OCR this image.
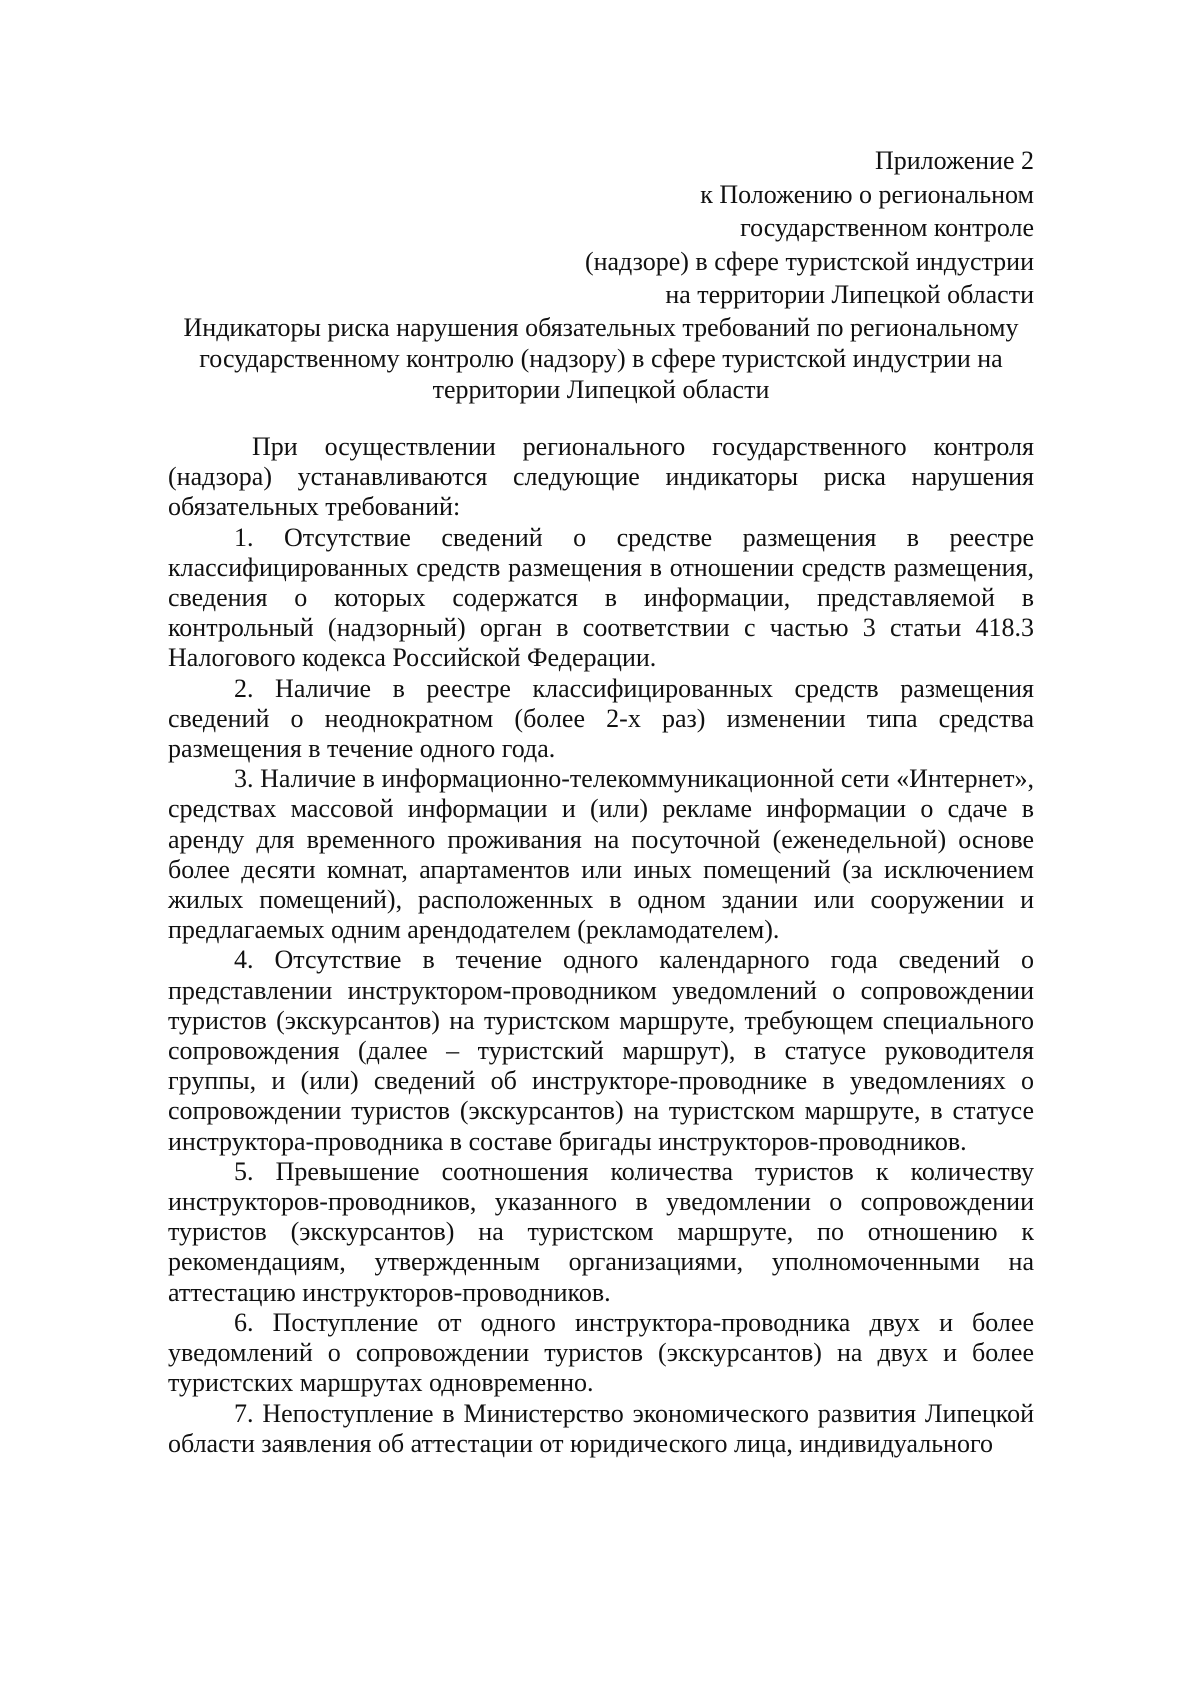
Приложение 2
к Положению о региональном
государственном контроле
(надзоре) в сфере туристской индустрии
на территории Липецкой области
Индикаторы риска нарушения обязательных требований по региональному
государственному контролю (надзору) в сфере туристской индустрии на
территории Липецкой области

При осуществлении регионального государственного контроля (надзора) устанавливаются следующие индикаторы риска нарушения обязательных требований:

1. Отсутствие сведений о средстве размещения в реестре классифицированных средств размещения в отношении средств размещения, сведения о которых содержатся в информации, представляемой в контрольный (надзорный) орган в соответствии с частью 3 статьи 418.3 Налогового кодекса Российской Федерации.

2. Наличие в реестре классифицированных средств размещения сведений о неоднократном (более 2-х раз) изменении типа средства размещения в течение одного года.

3. Наличие в информационно-телекоммуникационной сети «Интернет», средствах массовой информации и (или) рекламе информации о сдаче в аренду для временного проживания на посуточной (еженедельной) основе более десяти комнат, апартаментов или иных помещений (за исключением жилых помещений), расположенных в одном здании или сооружении и предлагаемых одним арендодателем (рекламодателем).

4. Отсутствие в течение одного календарного года сведений о представлении инструктором-проводником уведомлений о сопровождении туристов (экскурсантов) на туристском маршруте, требующем специального сопровождения (далее – туристский маршрут), в статусе руководителя группы, и (или) сведений об инструкторе-проводнике в уведомлениях о сопровождении туристов (экскурсантов) на туристском маршруте, в статусе инструктора-проводника в составе бригады инструкторов-проводников.

5. Превышение соотношения количества туристов к количеству инструкторов-проводников, указанного в уведомлении о сопровождении туристов (экскурсантов) на туристском маршруте, по отношению к рекомендациям, утвержденным организациями, уполномоченными на аттестацию инструкторов-проводников.

6. Поступление от одного инструктора-проводника двух и более уведомлений о сопровождении туристов (экскурсантов) на двух и более туристских маршрутах одновременно.

7. Непоступление в Министерство экономического развития Липецкой области заявления об аттестации от юридического лица, индивидуального
